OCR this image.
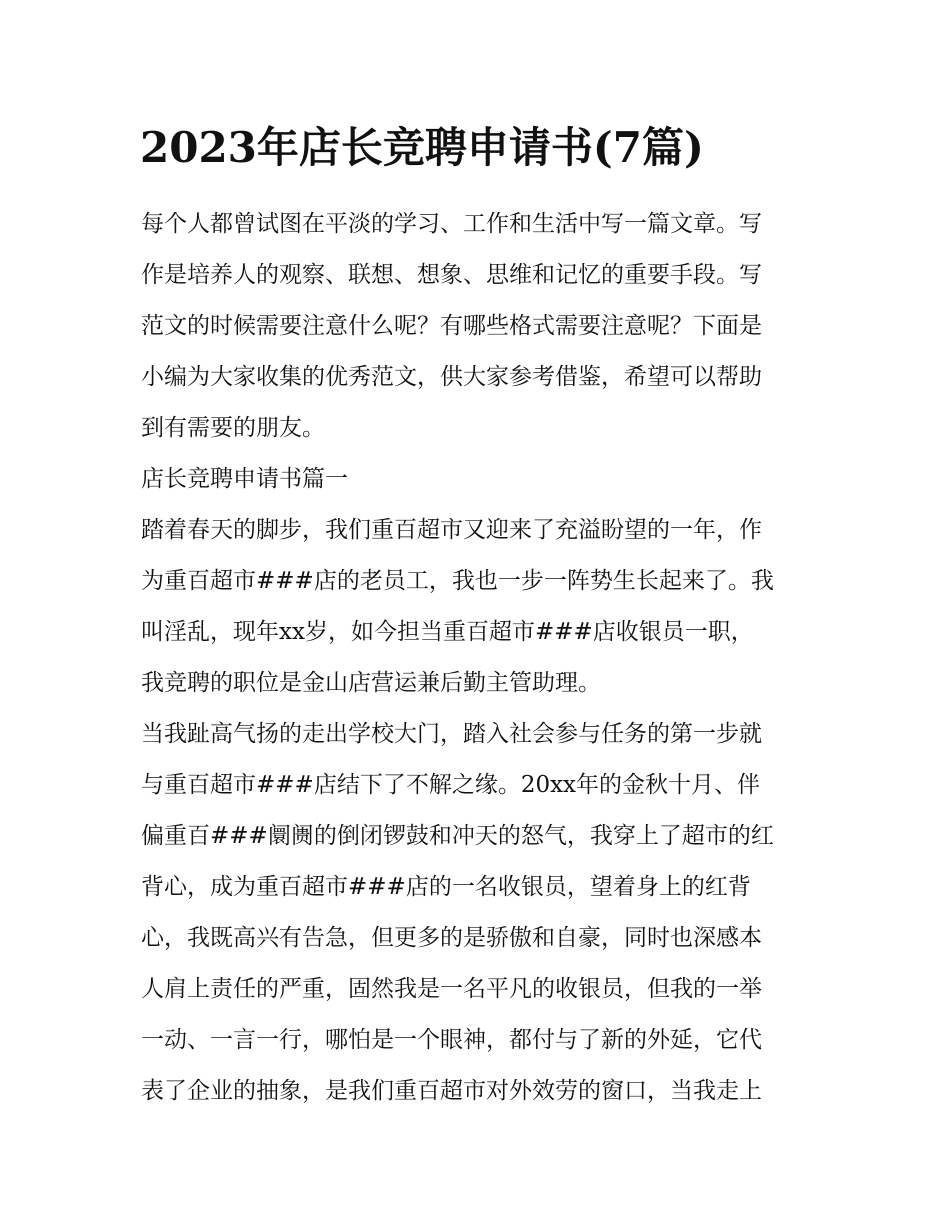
2023年店长竞聘申请书(7篇)
每个人都曾试图在平淡的学习、工作和生活中写一篇文章。写
作是培养人的观察、联想、想象、思维和记忆的重要手段。写
范文的时候需要注意什么呢？有哪些格式需要注意呢？下面是
小编为大家收集的优秀范文，供大家参考借鉴，希望可以帮助
到有需要的朋友。
店长竞聘申请书篇一
踏着春天的脚步，我们重百超市又迎来了充溢盼望的一年，作
为重百超市###店的老员工，我也一步一阵势生长起来了。我
叫淫乱，现年xx岁，如今担当重百超市###店收银员一职，
我竞聘的职位是金山店营运兼后勤主管助理。
当我趾高气扬的走出学校大门，踏入社会参与任务的第一步就
与重百超市###店结下了不解之缘。20xx年的金秋十月、伴
偏重百###阛阓的倒闭锣鼓和冲天的怒气，我穿上了超市的红
背心，成为重百超市###店的一名收银员，望着身上的红背
心，我既高兴有告急，但更多的是骄傲和自豪，同时也深感本
人肩上责任的严重，固然我是一名平凡的收银员，但我的一举
一动、一言一行，哪怕是一个眼神，都付与了新的外延，它代
表了企业的抽象，是我们重百超市对外效劳的窗口，当我走上
